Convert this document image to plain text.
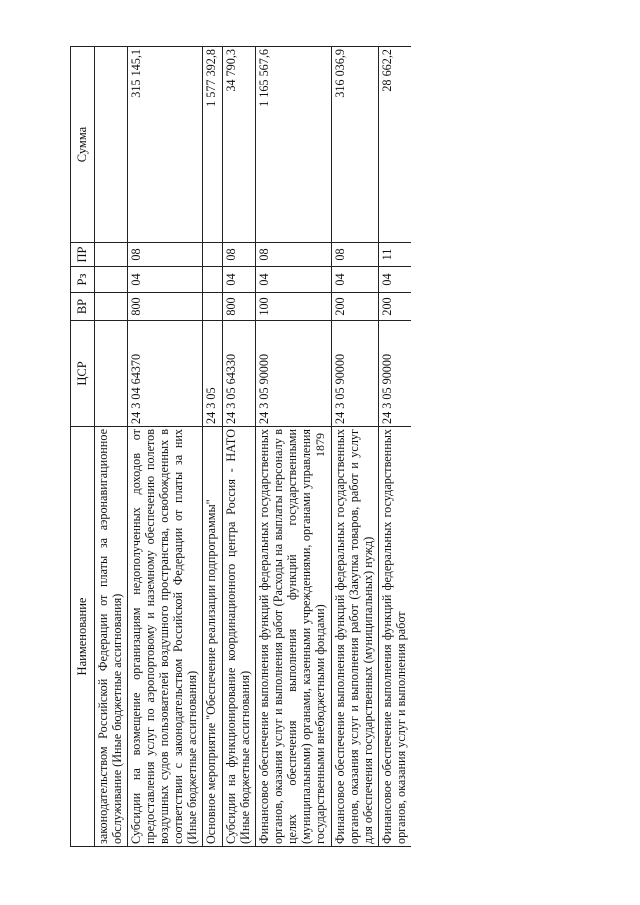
1879
Наименование	ЦСР	ВР	Рз	ПР	Сумма
законодательством Российской Федерации от платы за аэронавигационное обслуживание (Иные бюджетные ассигнования)					
Субсидии на возмещение организациям недополученных доходов от предоставления услуг по аэропортовому и наземному обеспечению полетов воздушных судов пользователей воздушного пространства, освобожденных в соответствии с законодательством Российской Федерации от платы за них (Иные бюджетные ассигнования)	24 3 04 64370	800	04	08	315 145,1
Основное мероприятие "Обеспечение реализации подпрограммы"	24 3 05				1 577 392,8
Субсидии на функционирование координационного центра Россия - НАТО (Иные бюджетные ассигнования)	24 3 05 64330	800	04	08	34 790,3
Финансовое обеспечение выполнения функций федеральных государственных органов, оказания услуг и выполнения работ (Расходы на выплаты персоналу в целях обеспечения выполнения функций государственными (муниципальными) органами, казенными учреждениями, органами управления государственными внебюджетными фондами)	24 3 05 90000	100	04	08	1 165 567,6
Финансовое обеспечение выполнения функций федеральных государственных органов, оказания услуг и выполнения работ (Закупка товаров, работ и услуг для обеспечения государственных (муниципальных) нужд)	24 3 05 90000	200	04	08	316 036,9
Финансовое обеспечение выполнения функций федеральных государственных органов, оказания услуг и выполнения работ	24 3 05 90000	200	04	11	28 662,2
